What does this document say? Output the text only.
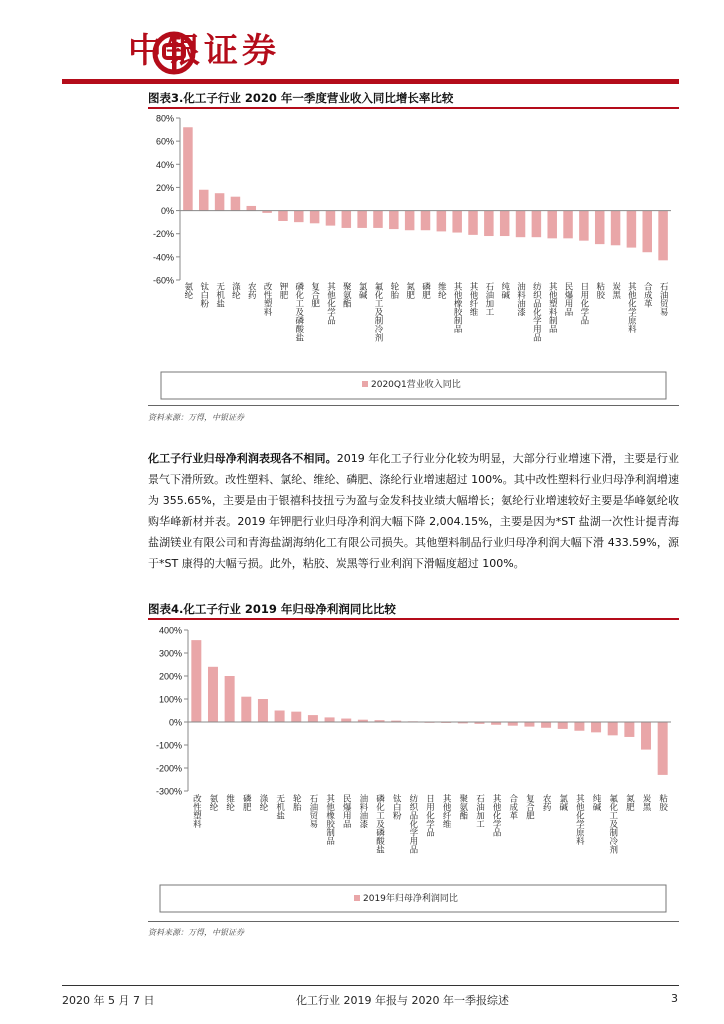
中银证券
图表3.化工子行业 2020 年一季度营业收入同比增长率比较
-60%
-40%
-20%
0%
20%
40%
60%
80%
氨纶 钛白粉 无机盐 涤纶 农药 改性塑料 钾肥 磷化工及磷酸盐 复合肥 其他化学品 聚氨酯 氯碱 氟化工及制冷剂 轮胎 氮肥 磷肥 维纶 其他橡胶制品 其他纤维 石油加工 纯碱 油料油漆 纺织品化学用品 其他塑料制品 民爆用品 日用化学品 粘胶 炭黑 其他化学原料 合成革 石油贸易
2020Q1营业收入同比
资料来源：万得，中银证券
化工子行业归母净利润表现各不相同。2019 年化工子行业分化较为明显，大部分行业增速下滑，主要是行业景气下滑所致。改性塑料、氯纶、维纶、磷肥、涤纶行业增速超过 100%。其中改性塑料行业归母净利润增速为 355.65%，主要是由于银禧科技扭亏为盈与金发科技业绩大幅增长；氨纶行业增速较好主要是华峰氨纶收购华峰新材并表。2019 年钾肥行业归母净利润大幅下降 2,004.15%，主要是因为*ST 盐湖一次性计提青海盐湖镁业有限公司和青海盐湖海纳化工有限公司损失。其他塑料制品行业归母净利润大幅下滑 433.59%，源于*ST 康得的大幅亏损。此外，粘胶、炭黑等行业利润下滑幅度超过 100%。
图表4.化工子行业 2019 年归母净利润同比比较
-300%
-200%
-100%
0%
100%
200%
300%
400%
改性塑料 氨纶 维纶 磷肥 涤纶 无机盐 轮胎 石油贸易 其他橡胶制品 民爆用品 油料油漆 磷化工及磷酸盐 钛白粉 纺织品化学用品 日用化学品 其他纤维 聚氨酯 石油加工 其他化学品 合成革 复合肥 农药 氯碱 其他化学原料 纯碱 氟化工及制冷剂 氮肥 炭黑 粘胶
2019年归母净利润同比
资料来源：万得，中银证券
2020 年 5 月 7 日	化工行业 2019 年报与 2020 年一季报综述	3
